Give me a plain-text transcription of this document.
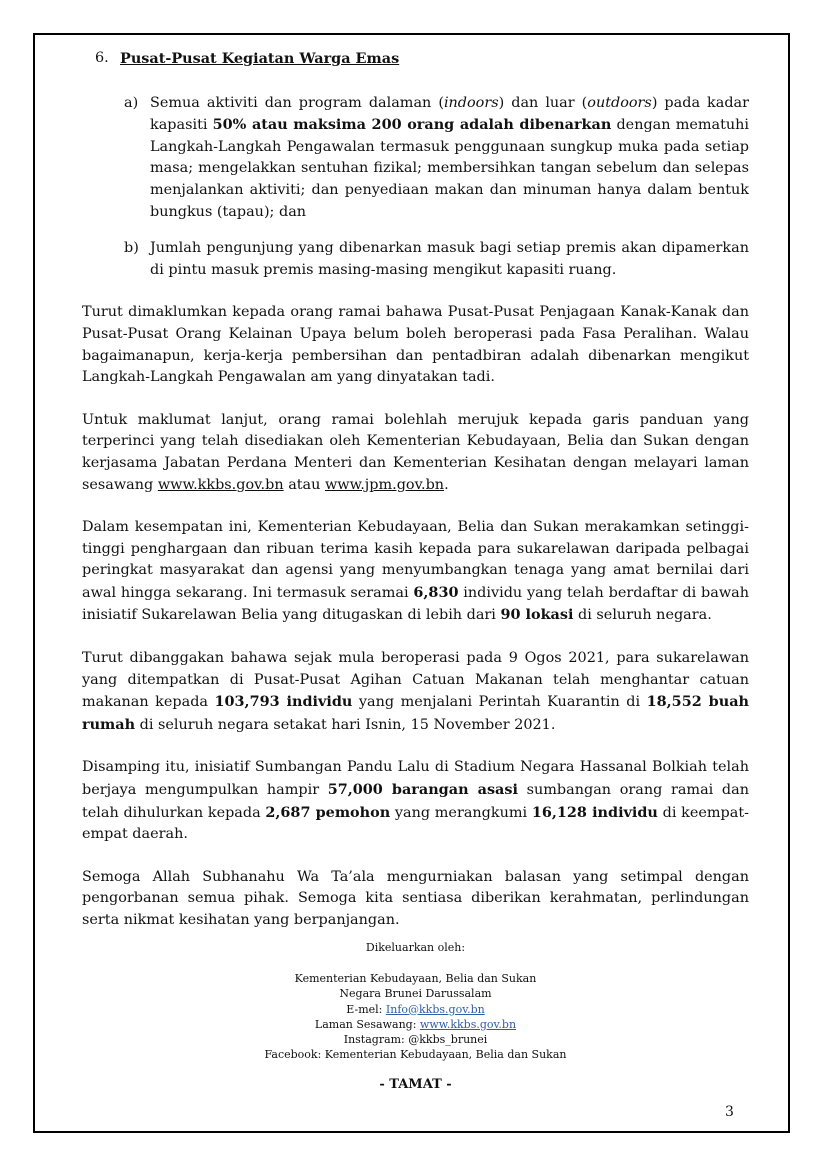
6. Pusat-Pusat Kegiatan Warga Emas
a) Semua aktiviti dan program dalaman (indoors) dan luar (outdoors) pada kadar kapasiti 50% atau maksima 200 orang adalah dibenarkan dengan mematuhi Langkah-Langkah Pengawalan termasuk penggunaan sungkup muka pada setiap masa; mengelakkan sentuhan fizikal; membersihkan tangan sebelum dan selepas menjalankan aktiviti; dan penyediaan makan dan minuman hanya dalam bentuk bungkus (tapau); dan
b) Jumlah pengunjung yang dibenarkan masuk bagi setiap premis akan dipamerkan di pintu masuk premis masing-masing mengikut kapasiti ruang.

Turut dimaklumkan kepada orang ramai bahawa Pusat-Pusat Penjagaan Kanak-Kanak dan Pusat-Pusat Orang Kelainan Upaya belum boleh beroperasi pada Fasa Peralihan. Walau bagaimanapun, kerja-kerja pembersihan dan pentadbiran adalah dibenarkan mengikut Langkah-Langkah Pengawalan am yang dinyatakan tadi.

Untuk maklumat lanjut, orang ramai bolehlah merujuk kepada garis panduan yang terperinci yang telah disediakan oleh Kementerian Kebudayaan, Belia dan Sukan dengan kerjasama Jabatan Perdana Menteri dan Kementerian Kesihatan dengan melayari laman sesawang www.kkbs.gov.bn atau www.jpm.gov.bn.

Dalam kesempatan ini, Kementerian Kebudayaan, Belia dan Sukan merakamkan setinggi-tinggi penghargaan dan ribuan terima kasih kepada para sukarelawan daripada pelbagai peringkat masyarakat dan agensi yang menyumbangkan tenaga yang amat bernilai dari awal hingga sekarang. Ini termasuk seramai 6,830 individu yang telah berdaftar di bawah inisiatif Sukarelawan Belia yang ditugaskan di lebih dari 90 lokasi di seluruh negara.

Turut dibanggakan bahawa sejak mula beroperasi pada 9 Ogos 2021, para sukarelawan yang ditempatkan di Pusat-Pusat Agihan Catuan Makanan telah menghantar catuan makanan kepada 103,793 individu yang menjalani Perintah Kuarantin di 18,552 buah rumah di seluruh negara setakat hari Isnin, 15 November 2021.

Disamping itu, inisiatif Sumbangan Pandu Lalu di Stadium Negara Hassanal Bolkiah telah berjaya mengumpulkan hampir 57,000 barangan asasi sumbangan orang ramai dan telah dihulurkan kepada 2,687 pemohon yang merangkumi 16,128 individu di keempat-empat daerah.

Semoga Allah Subhanahu Wa Ta’ala mengurniakan balasan yang setimpal dengan pengorbanan semua pihak. Semoga kita sentiasa diberikan kerahmatan, perlindungan serta nikmat kesihatan yang berpanjangan.

Dikeluarkan oleh:
Kementerian Kebudayaan, Belia dan Sukan
Negara Brunei Darussalam
E-mel: Info@kkbs.gov.bn
Laman Sesawang: www.kkbs.gov.bn
Instagram: @kkbs_brunei
Facebook: Kementerian Kebudayaan, Belia dan Sukan
- TAMAT -
3
